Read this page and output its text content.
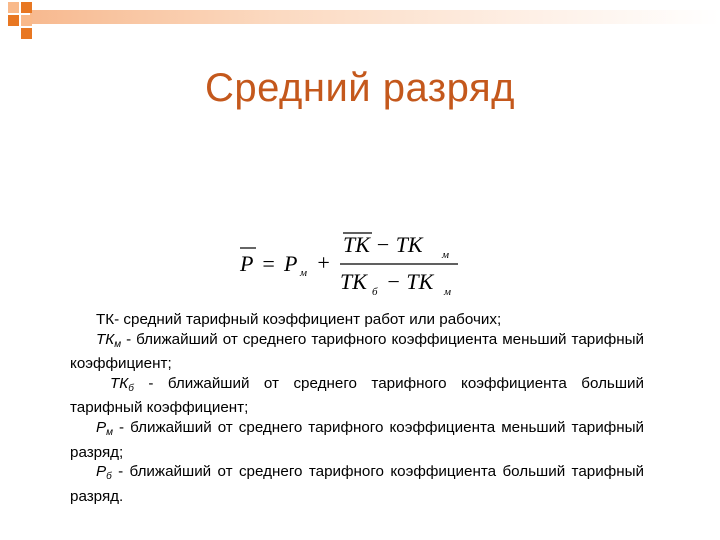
Средний разряд
P = P м +
ТК − ТК м
ТК б − ТК м
ТК- средний тарифный коэффициент работ или рабочих;
$ТК_м$ - ближайший от среднего тарифного коэффициента меньший тарифный коэффициент;
$ТК_б$ - ближайший от среднего тарифного коэффициента больший тарифный коэффициент;
$Р_м$ - ближайший от среднего тарифного коэффициента меньший тарифный разряд;
$Р_б$ - ближайший от среднего тарифного коэффициента больший тарифный разряд.
